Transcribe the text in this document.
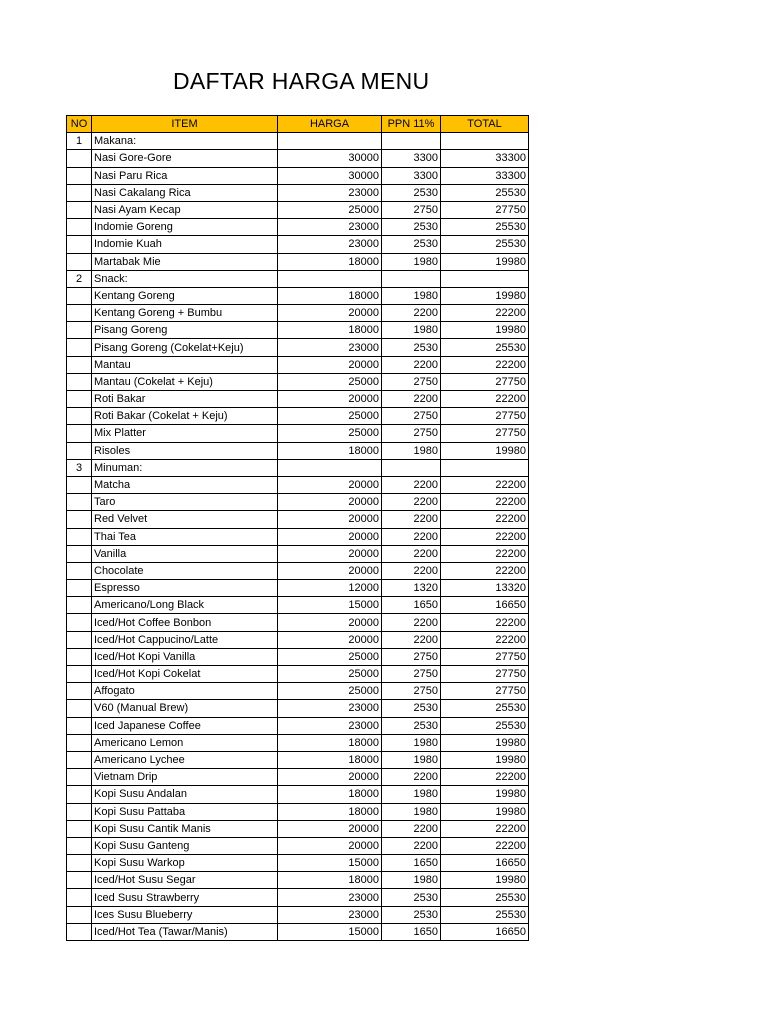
DAFTAR HARGA MENU
NO	ITEM	HARGA	PPN 11%	TOTAL
1	Makana:			
	Nasi Gore-Gore	30000	3300	33300
	Nasi Paru Rica	30000	3300	33300
	Nasi Cakalang Rica	23000	2530	25530
	Nasi Ayam Kecap	25000	2750	27750
	Indomie Goreng	23000	2530	25530
	Indomie Kuah	23000	2530	25530
	Martabak Mie	18000	1980	19980
2	Snack:			
	Kentang Goreng	18000	1980	19980
	Kentang Goreng + Bumbu	20000	2200	22200
	Pisang Goreng	18000	1980	19980
	Pisang Goreng (Cokelat+Keju)	23000	2530	25530
	Mantau	20000	2200	22200
	Mantau (Cokelat + Keju)	25000	2750	27750
	Roti Bakar	20000	2200	22200
	Roti Bakar (Cokelat + Keju)	25000	2750	27750
	Mix Platter	25000	2750	27750
	Risoles	18000	1980	19980
3	Minuman:			
	Matcha	20000	2200	22200
	Taro	20000	2200	22200
	Red Velvet	20000	2200	22200
	Thai Tea	20000	2200	22200
	Vanilla	20000	2200	22200
	Chocolate	20000	2200	22200
	Espresso	12000	1320	13320
	Americano/Long Black	15000	1650	16650
	Iced/Hot Coffee Bonbon	20000	2200	22200
	Iced/Hot Cappucino/Latte	20000	2200	22200
	Iced/Hot Kopi Vanilla	25000	2750	27750
	Iced/Hot Kopi Cokelat	25000	2750	27750
	Affogato	25000	2750	27750
	V60 (Manual Brew)	23000	2530	25530
	Iced Japanese Coffee	23000	2530	25530
	Americano Lemon	18000	1980	19980
	Americano Lychee	18000	1980	19980
	Vietnam Drip	20000	2200	22200
	Kopi Susu Andalan	18000	1980	19980
	Kopi Susu Pattaba	18000	1980	19980
	Kopi Susu Cantik Manis	20000	2200	22200
	Kopi Susu Ganteng	20000	2200	22200
	Kopi Susu Warkop	15000	1650	16650
	Iced/Hot Susu Segar	18000	1980	19980
	Iced Susu Strawberry	23000	2530	25530
	Ices Susu Blueberry	23000	2530	25530
	Iced/Hot Tea (Tawar/Manis)	15000	1650	16650
